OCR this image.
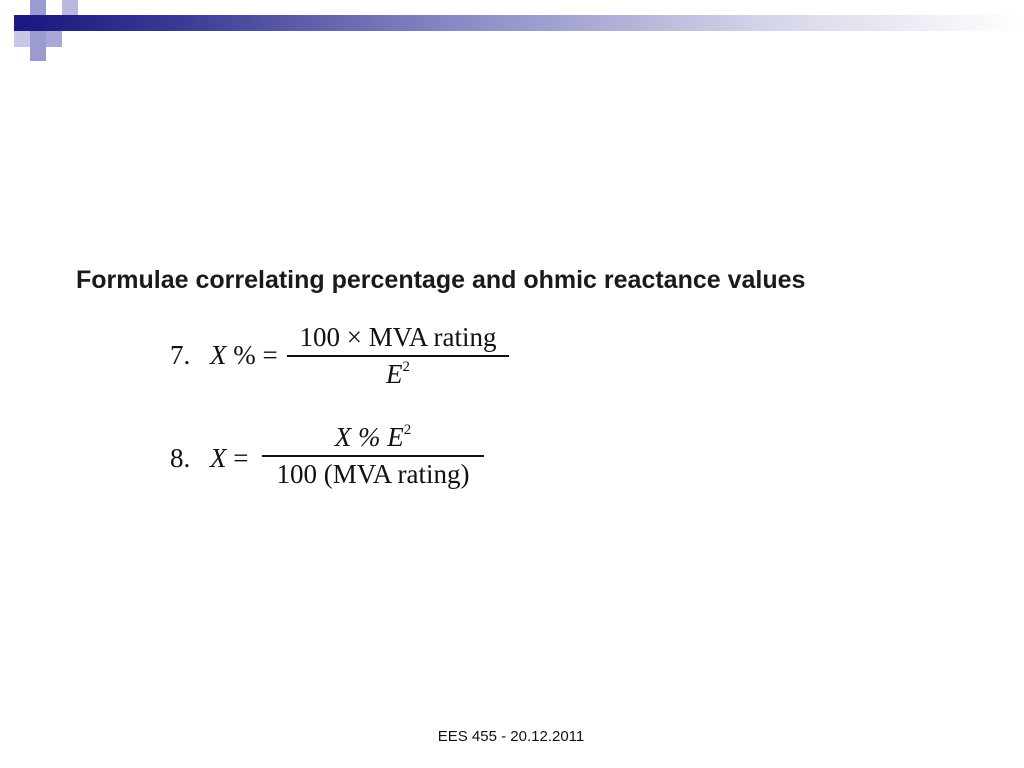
Formulae correlating percentage and ohmic reactance values
7. X % =
100 × MVA rating
$E^2$
8. X =
X % $E^2$
100 (MVA rating)
EES 455 - 20.12.2011
